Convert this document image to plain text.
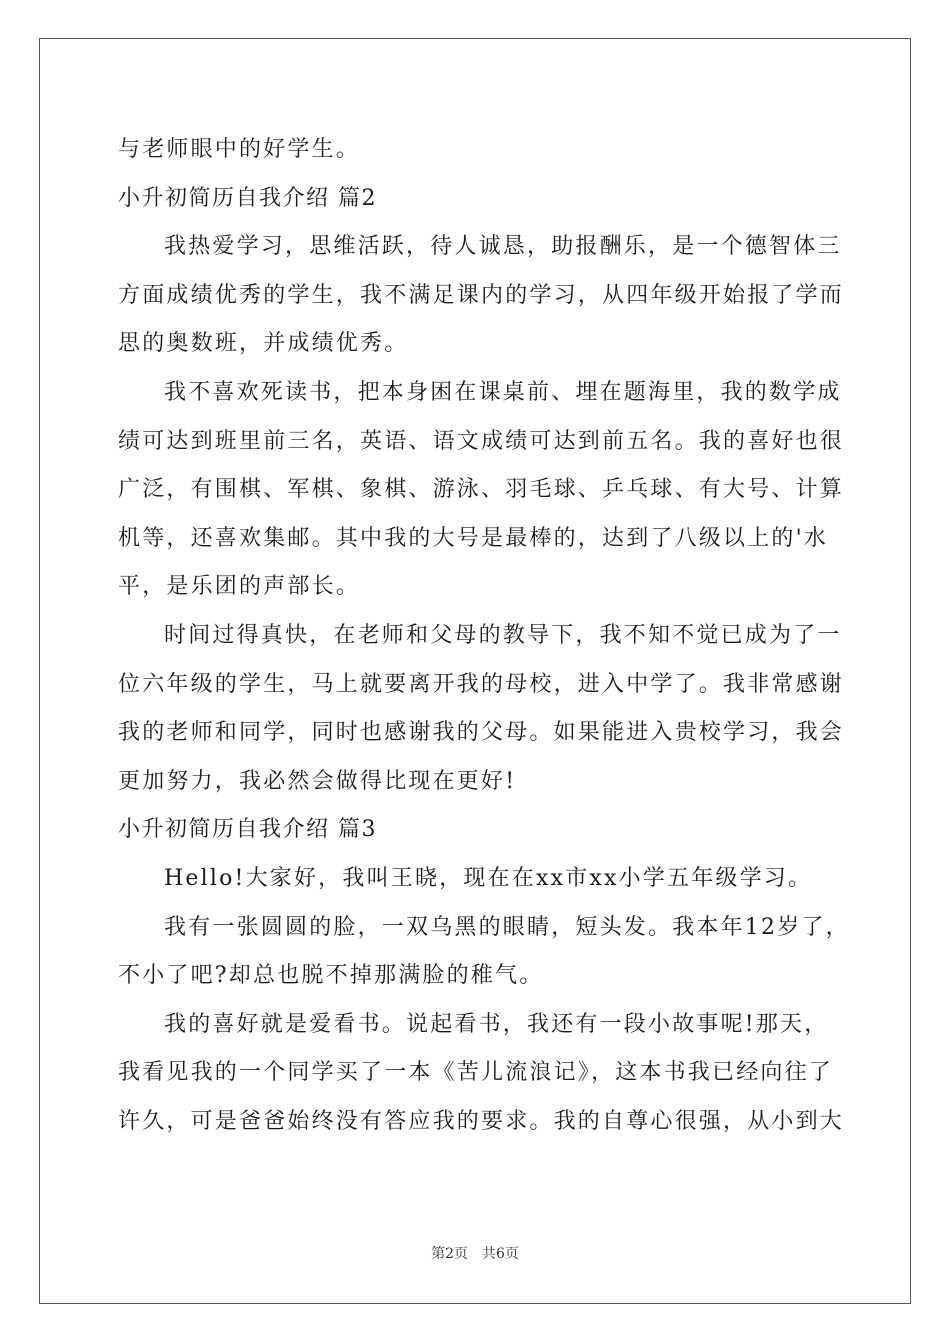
与老师眼中的好学生。
小升初简历自我介绍 篇2
我热爱学习，思维活跃，待人诚恳，助报酬乐，是一个德智体三
方面成绩优秀的学生，我不满足课内的学习，从四年级开始报了学而
思的奥数班，并成绩优秀。
我不喜欢死读书，把本身困在课桌前、埋在题海里，我的数学成
绩可达到班里前三名，英语、语文成绩可达到前五名。我的喜好也很
广泛，有围棋、军棋、象棋、游泳、羽毛球、乒乓球、有大号、计算
机等，还喜欢集邮。其中我的大号是最棒的，达到了八级以上的'水
平，是乐团的声部长。
时间过得真快，在老师和父母的教导下，我不知不觉已成为了一
位六年级的学生，马上就要离开我的母校，进入中学了。我非常感谢
我的老师和同学，同时也感谢我的父母。如果能进入贵校学习，我会
更加努力，我必然会做得比现在更好!
小升初简历自我介绍 篇3
Hello!大家好，我叫王晓，现在在xx市xx小学五年级学习。
我有一张圆圆的脸，一双乌黑的眼睛，短头发。我本年12岁了，
不小了吧?却总也脱不掉那满脸的稚气。
我的喜好就是爱看书。说起看书，我还有一段小故事呢!那天，
我看见我的一个同学买了一本《苦儿流浪记》，这本书我已经向往了
许久，可是爸爸始终没有答应我的要求。我的自尊心很强，从小到大
第2页 共6页
